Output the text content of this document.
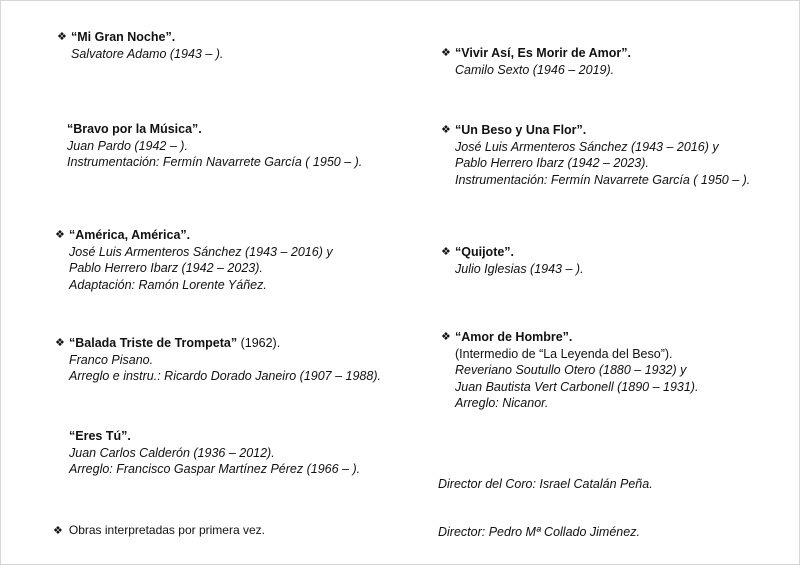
❖ “Mi Gran Noche”.
Salvatore Adamo (1943 – ).
“Bravo por la Música”.
Juan Pardo (1942 – ).
Instrumentación: Fermín Navarrete García ( 1950 – ).
❖ “América, América”.
José Luis Armenteros Sánchez (1943 – 2016) y
Pablo Herrero Ibarz (1942 – 2023).
Adaptación: Ramón Lorente Yáñez.
❖ “Balada Triste de Trompeta” (1962).
Franco Pisano.
Arreglo e instru.: Ricardo Dorado Janeiro (1907 – 1988).
“Eres Tú”.
Juan Carlos Calderón (1936 – 2012).
Arreglo: Francisco Gaspar Martínez Pérez (1966 – ).
❖ Obras interpretadas por primera vez.
❖ “Vivir Así, Es Morir de Amor”.
Camilo Sexto (1946 – 2019).
❖ “Un Beso y Una Flor”.
José Luis Armenteros Sánchez (1943 – 2016) y
Pablo Herrero Ibarz (1942 – 2023).
Instrumentación: Fermín Navarrete García ( 1950 – ).
❖ “Quijote”.
Julio Iglesias (1943 – ).
❖ “Amor de Hombre”.
(Intermedio de “La Leyenda del Beso”).
Reveriano Soutullo Otero (1880 – 1932) y
Juan Bautista Vert Carbonell (1890 – 1931).
Arreglo: Nicanor.
Director del Coro: Israel Catalán Peña.
Director: Pedro Mª Collado Jiménez.
